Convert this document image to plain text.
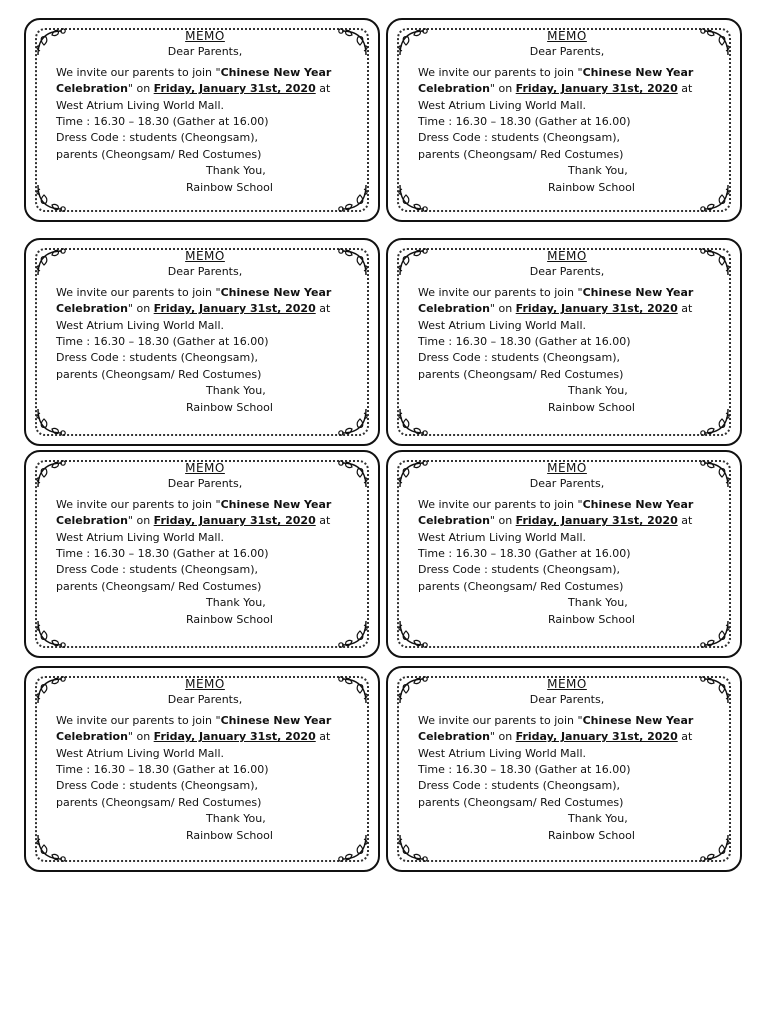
MEMO
Dear Parents,
We invite our parents to join "Chinese New Year
Celebration" on Friday, January 31st, 2020 at
West Atrium Living World Mall.
Time : 16.30 – 18.30 (Gather at 16.00)
Dress Code : students (Cheongsam),
parents (Cheongsam/ Red Costumes)
Thank You,
Rainbow School
MEMO
Dear Parents,
We invite our parents to join "Chinese New Year
Celebration" on Friday, January 31st, 2020 at
West Atrium Living World Mall.
Time : 16.30 – 18.30 (Gather at 16.00)
Dress Code : students (Cheongsam),
parents (Cheongsam/ Red Costumes)
Thank You,
Rainbow School
MEMO
Dear Parents,
We invite our parents to join "Chinese New Year
Celebration" on Friday, January 31st, 2020 at
West Atrium Living World Mall.
Time : 16.30 – 18.30 (Gather at 16.00)
Dress Code : students (Cheongsam),
parents (Cheongsam/ Red Costumes)
Thank You,
Rainbow School
MEMO
Dear Parents,
We invite our parents to join "Chinese New Year
Celebration" on Friday, January 31st, 2020 at
West Atrium Living World Mall.
Time : 16.30 – 18.30 (Gather at 16.00)
Dress Code : students (Cheongsam),
parents (Cheongsam/ Red Costumes)
Thank You,
Rainbow School
MEMO
Dear Parents,
We invite our parents to join "Chinese New Year
Celebration" on Friday, January 31st, 2020 at
West Atrium Living World Mall.
Time : 16.30 – 18.30 (Gather at 16.00)
Dress Code : students (Cheongsam),
parents (Cheongsam/ Red Costumes)
Thank You,
Rainbow School
MEMO
Dear Parents,
We invite our parents to join "Chinese New Year
Celebration" on Friday, January 31st, 2020 at
West Atrium Living World Mall.
Time : 16.30 – 18.30 (Gather at 16.00)
Dress Code : students (Cheongsam),
parents (Cheongsam/ Red Costumes)
Thank You,
Rainbow School
MEMO
Dear Parents,
We invite our parents to join "Chinese New Year
Celebration" on Friday, January 31st, 2020 at
West Atrium Living World Mall.
Time : 16.30 – 18.30 (Gather at 16.00)
Dress Code : students (Cheongsam),
parents (Cheongsam/ Red Costumes)
Thank You,
Rainbow School
MEMO
Dear Parents,
We invite our parents to join "Chinese New Year
Celebration" on Friday, January 31st, 2020 at
West Atrium Living World Mall.
Time : 16.30 – 18.30 (Gather at 16.00)
Dress Code : students (Cheongsam),
parents (Cheongsam/ Red Costumes)
Thank You,
Rainbow School
